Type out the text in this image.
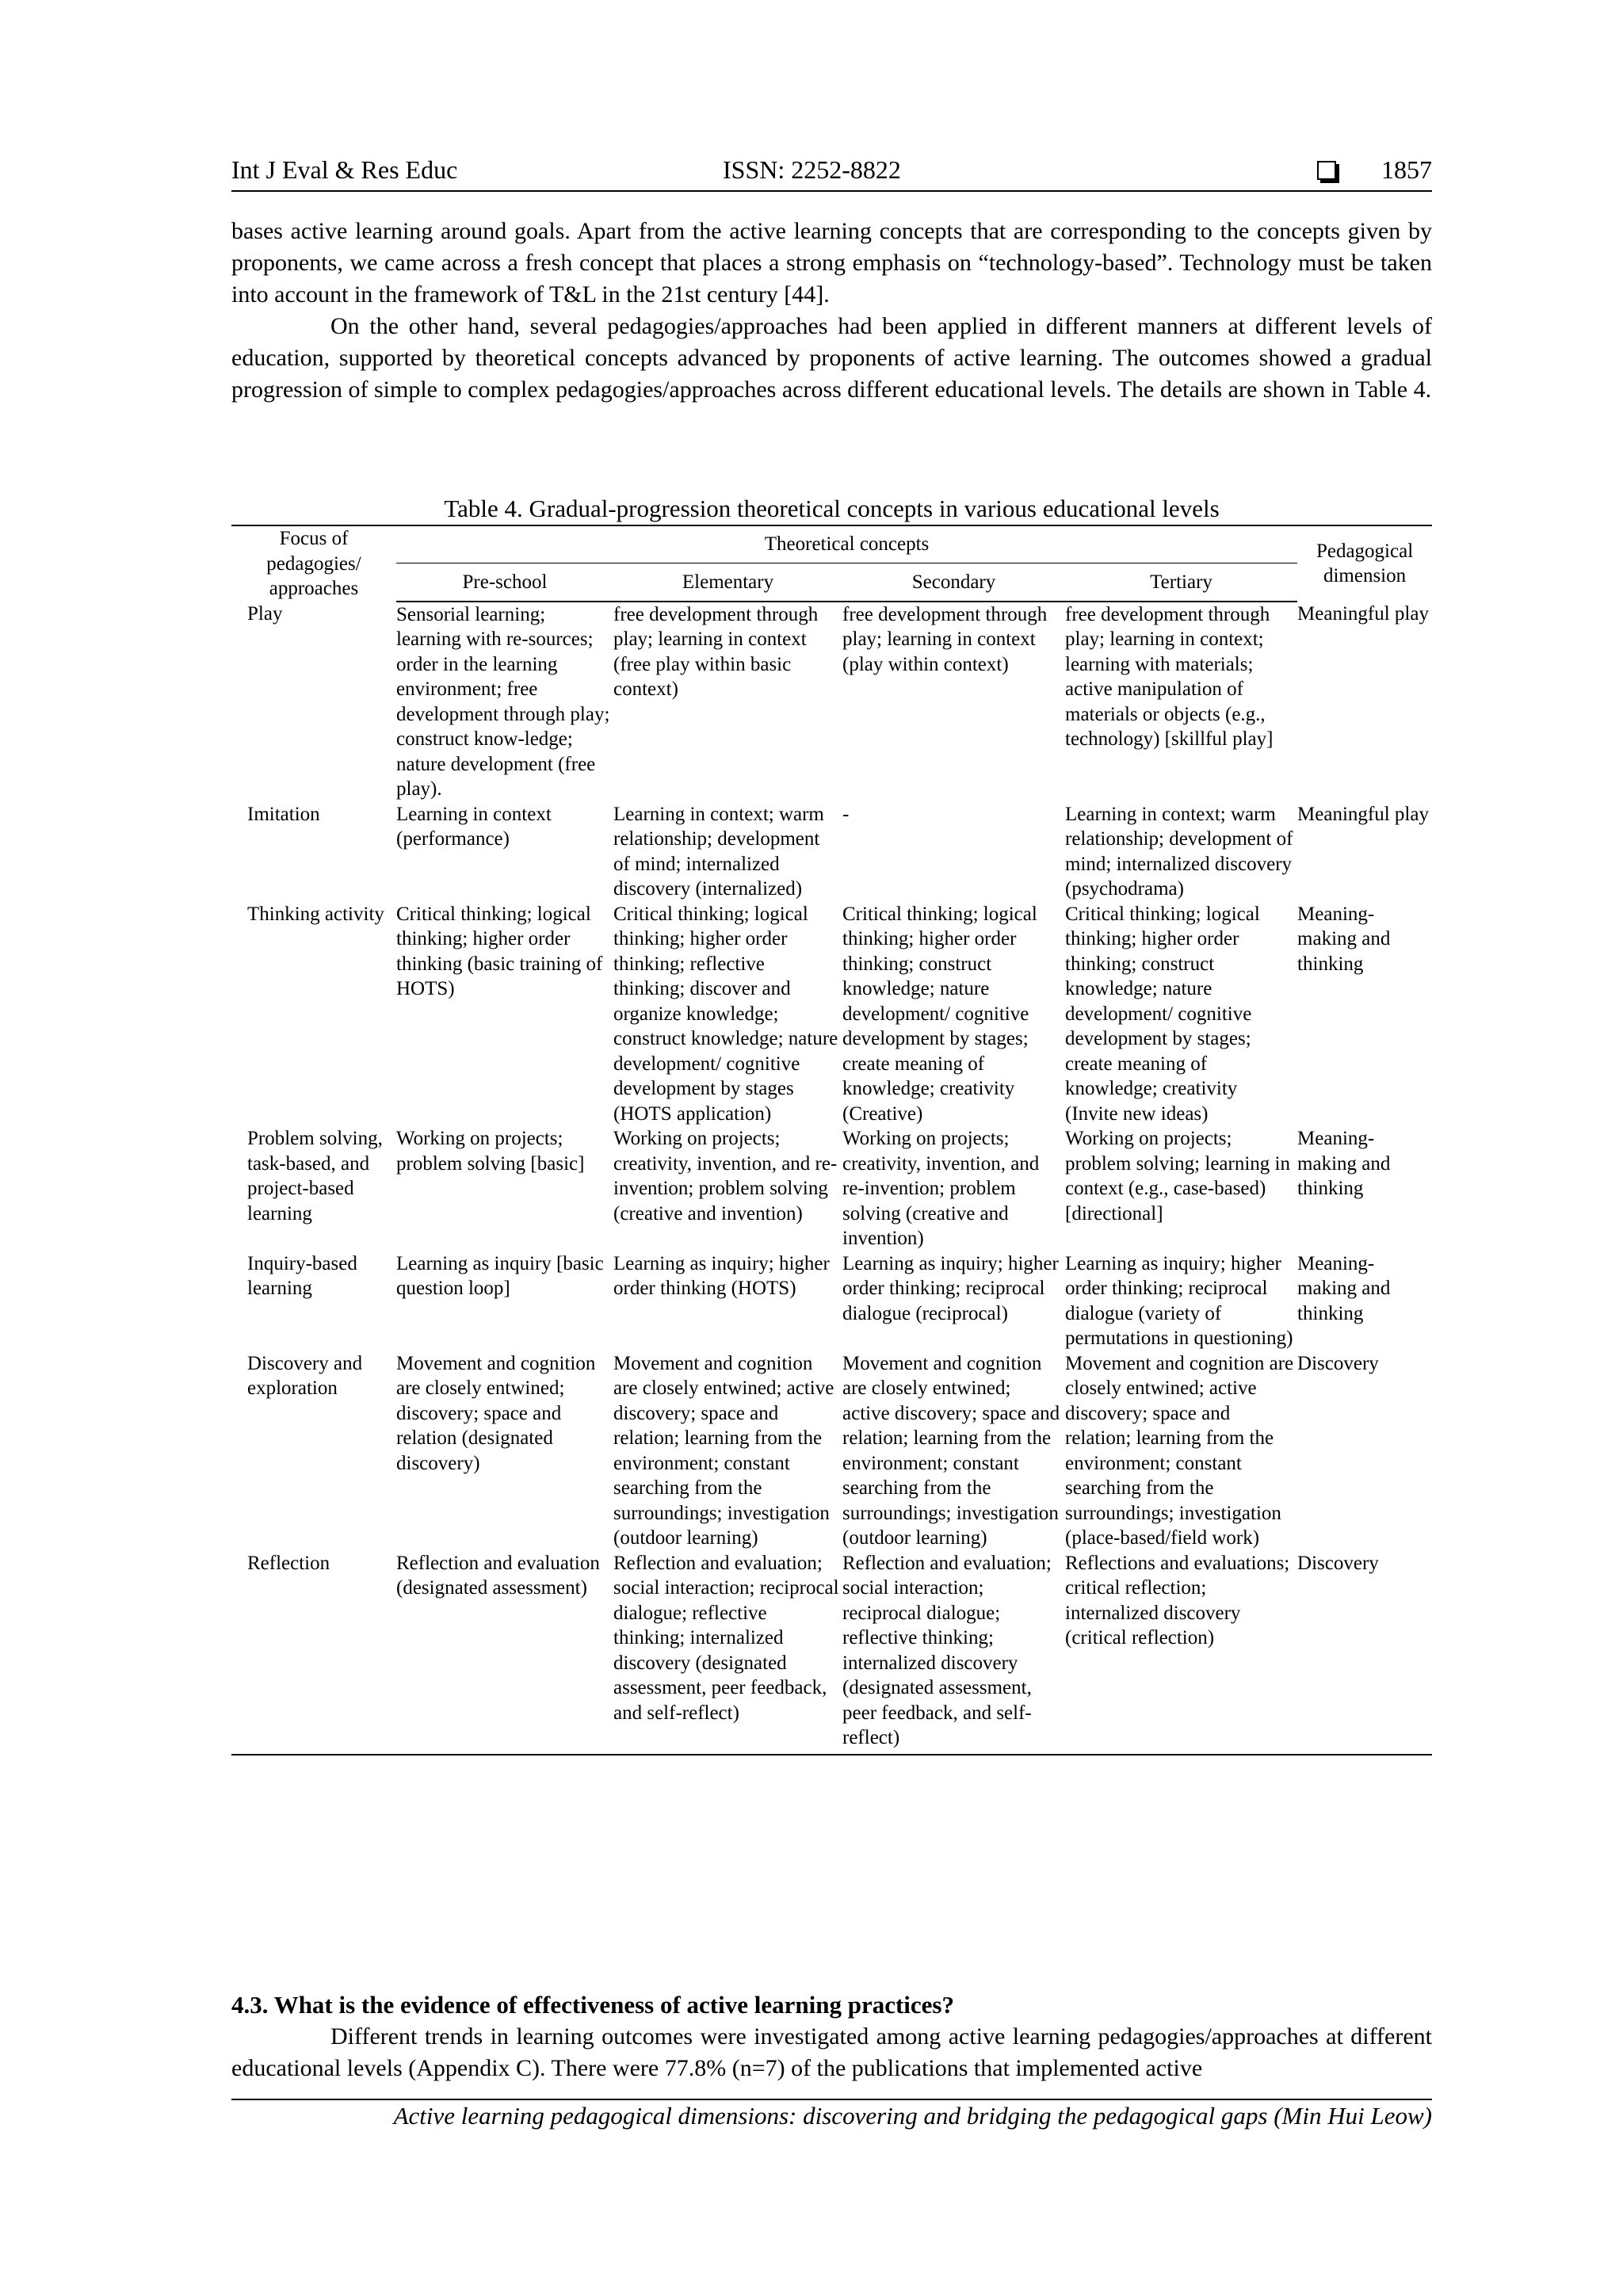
Int J Eval & Res Educ	ISSN: 2252-8822	1857
bases active learning around goals. Apart from the active learning concepts that are corresponding to the concepts given by proponents, we came across a fresh concept that places a strong emphasis on “technology-based”. Technology must be taken into account in the framework of T&L in the 21st century [44].
On the other hand, several pedagogies/approaches had been applied in different manners at different levels of education, supported by theoretical concepts advanced by proponents of active learning. The outcomes showed a gradual progression of simple to complex pedagogies/approaches across different educational levels. The details are shown in Table 4.
Table 4. Gradual-progression theoretical concepts in various educational levels
Focus of pedagogies/ approaches	Theoretical concepts				Pedagogical dimension
	Pre-school	Elementary	Secondary	Tertiary	
Play	Sensorial learning; learning with re-sources; order in the learning environment; free development through play; construct know-ledge; nature development (free play).	free development through play; learning in context (free play within basic context)	free development through play; learning in context (play within context)	free development through play; learning in context; learning with materials; active manipulation of materials or objects (e.g., technology) [skillful play]	Meaningful play
Imitation	Learning in context (performance)	Learning in context; warm relationship; development of mind; internalized discovery (internalized)	-	Learning in context; warm relationship; development of mind; internalized discovery (psychodrama)	Meaningful play
Thinking activity	Critical thinking; logical thinking; higher order thinking (basic training of HOTS)	Critical thinking; logical thinking; higher order thinking; reflective thinking; discover and organize knowledge; construct knowledge; nature development/ cognitive development by stages (HOTS application)	Critical thinking; logical thinking; higher order thinking; construct knowledge; nature development/ cognitive development by stages; create meaning of knowledge; creativity (Creative)	Critical thinking; logical thinking; higher order thinking; construct knowledge; nature development/ cognitive development by stages; create meaning of knowledge; creativity (Invite new ideas)	Meaning-making and thinking
Problem solving, task-based, and project-based learning	Working on projects; problem solving [basic]	Working on projects; creativity, invention, and re-invention; problem solving (creative and invention)	Working on projects; creativity, invention, and re-invention; problem solving (creative and invention)	Working on projects; problem solving; learning in context (e.g., case-based) [directional]	Meaning-making and thinking
Inquiry-based learning	Learning as inquiry [basic question loop]	Learning as inquiry; higher order thinking (HOTS)	Learning as inquiry; higher order thinking; reciprocal dialogue (reciprocal)	Learning as inquiry; higher order thinking; reciprocal dialogue (variety of permutations in questioning)	Meaning-making and thinking
Discovery and exploration	Movement and cognition are closely entwined; discovery; space and relation (designated discovery)	Movement and cognition are closely entwined; active discovery; space and relation; learning from the environment; constant searching from the surroundings; investigation (outdoor learning)	Movement and cognition are closely entwined; active discovery; space and relation; learning from the environment; constant searching from the surroundings; investigation (outdoor learning)	Movement and cognition are closely entwined; active discovery; space and relation; learning from the environment; constant searching from the surroundings; investigation (place-based/field work)	Discovery
Reflection	Reflection and evaluation (designated assessment)	Reflection and evaluation; social interaction; reciprocal dialogue; reflective thinking; internalized discovery (designated assessment, peer feedback, and self-reflect)	Reflection and evaluation; social interaction; reciprocal dialogue; reflective thinking; internalized discovery (designated assessment, peer feedback, and self-reflect)	Reflections and evaluations; critical reflection; internalized discovery (critical reflection)	Discovery
4.3. What is the evidence of effectiveness of active learning practices?
Different trends in learning outcomes were investigated among active learning pedagogies/approaches at different educational levels (Appendix C). There were 77.8% (n=7) of the publications that implemented active
Active learning pedagogical dimensions: discovering and bridging the pedagogical gaps (Min Hui Leow)
